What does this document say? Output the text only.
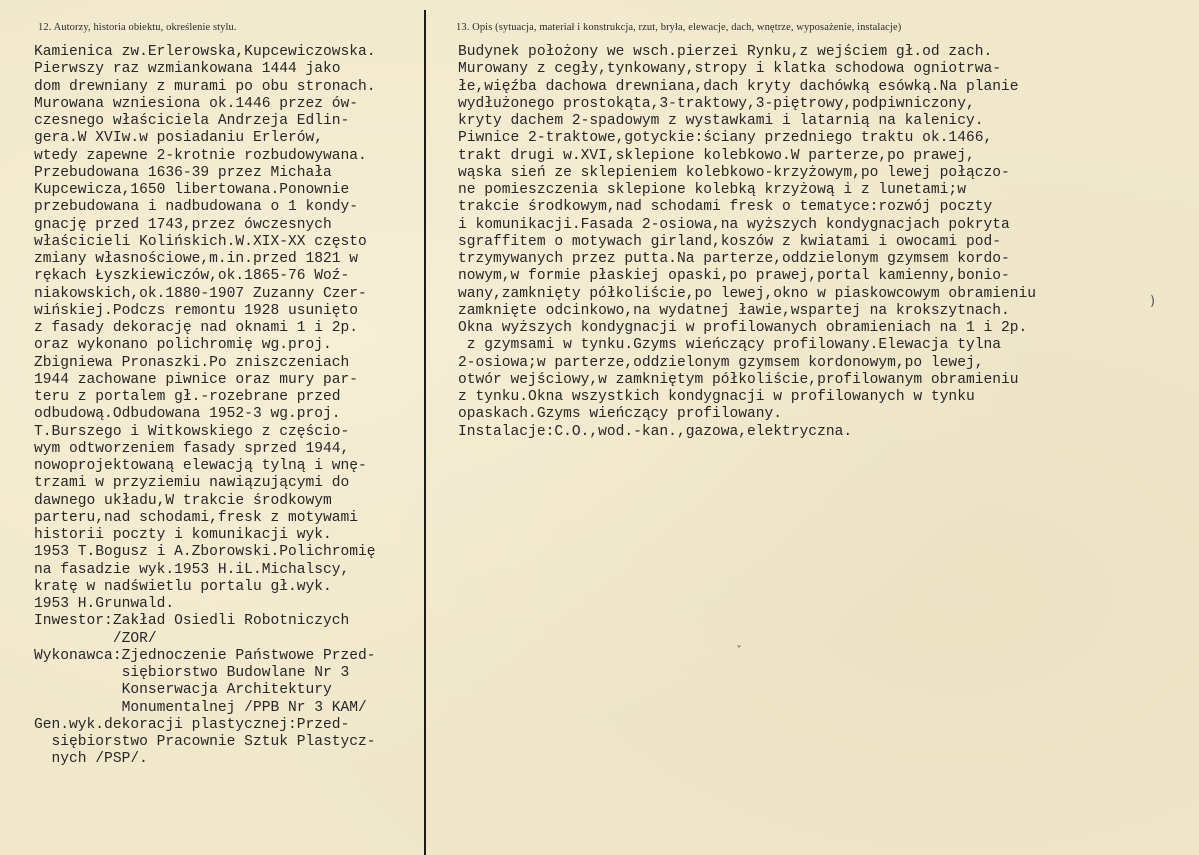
12. Autorzy, historia obiektu, określenie stylu.	13. Opis (sytuacja, materiał i konstrukcja, rzut, bryła, elewacje, dach, wnętrze, wyposażenie, instalacje)
Kamienica zw.Erlerowska,Kupcewiczowska.
Pierwszy raz wzmiankowana 1444 jako
dom drewniany z murami po obu stronach.
Murowana wzniesiona ok.1446 przez ów-
czesnego właściciela Andrzeja Edlin-
gera.W XVIw.w posiadaniu Erlerów,
wtedy zapewne 2-krotnie rozbudowywana.
Przebudowana 1636-39 przez Michała
Kupcewicza,1650 libertowana.Ponownie
przebudowana i nadbudowana o 1 kondy-
gnację przed 1743,przez ówczesnych
właścicieli Kolińskich.W.XIX-XX często
zmiany własnościowe,m.in.przed 1821 w
rękach Łyszkiewiczów,ok.1865-76 Woź-
niakowskich,ok.1880-1907 Zuzanny Czer-
wińskiej.Podczs remontu 1928 usunięto
z fasady dekorację nad oknami 1 i 2p.
oraz wykonano polichromię wg.proj.
Zbigniewa Pronaszki.Po zniszczeniach
1944 zachowane piwnice oraz mury par-
teru z portalem gł.-rozebrane przed
odbudową.Odbudowana 1952-3 wg.proj.
T.Burszego i Witkowskiego z częścio-
wym odtworzeniem fasady sprzed 1944,
nowoprojektowaną elewacją tylną i wnę-
trzami w przyziemiu nawiązującymi do
dawnego układu,W trakcie środkowym
parteru,nad schodami,fresk z motywami
historii poczty i komunikacji wyk.
1953 T.Bogusz i A.Zborowski.Polichromię
na fasadzie wyk.1953 H.iL.Michalscy,
kratę w nadświetlu portalu gł.wyk.
1953 H.Grunwald.
Inwestor:Zakład Osiedli Robotniczych
/ZOR/
Wykonawca:Zjednoczenie Państwowe Przed-
siębiorstwo Budowlane Nr 3
Konserwacja Architektury
Monumentalnej /PPB Nr 3 KAM/
Gen.wyk.dekoracji plastycznej:Przed-
siębiorstwo Pracownie Sztuk Plastycz-
nych /PSP/.
Budynek położony we wsch.pierzei Rynku,z wejściem gł.od zach.
Murowany z cegły,tynkowany,stropy i klatka schodowa ogniotrwa-
łe,więźba dachowa drewniana,dach kryty dachówką esówką.Na planie
wydłużonego prostokąta,3-traktowy,3-piętrowy,podpiwniczony,
kryty dachem 2-spadowym z wystawkami i latarnią na kalenicy.
Piwnice 2-traktowe,gotyckie:ściany przedniego traktu ok.1466,
trakt drugi w.XVI,sklepione kolebkowo.W parterze,po prawej,
wąska sień ze sklepieniem kolebkowo-krzyżowym,po lewej połączo-
ne pomieszczenia sklepione kolebką krzyżową i z lunetami;w
trakcie środkowym,nad schodami fresk o tematyce:rozwój poczty
i komunikacji.Fasada 2-osiowa,na wyższych kondygnacjach pokryta
sgraffitem o motywach girland,koszów z kwiatami i owocami pod-
trzymywanych przez putta.Na parterze,oddzielonym gzymsem kordo-
nowym,w formie płaskiej opaski,po prawej,portal kamienny,bonio-
wany,zamknięty półkoliście,po lewej,okno w piaskowcowym obramieniu
zamknięte odcinkowo,na wydatnej ławie,wspartej na krokszytnach.
Okna wyższych kondygnacji w profilowanych obramieniach na 1 i 2p.
z gzymsami w tynku.Gzyms wieńczący profilowany.Elewacja tylna
2-osiowa;w parterze,oddzielonym gzymsem kordonowym,po lewej,
otwór wejściowy,w zamkniętym półkoliście,profilowanym obramieniu
z tynku.Okna wszystkich kondygnacji w profilowanych w tynku
opaskach.Gzyms wieńczący profilowany.
Instalacje:C.O.,wod.-kan.,gazowa,elektryczna.
ˇ
)
